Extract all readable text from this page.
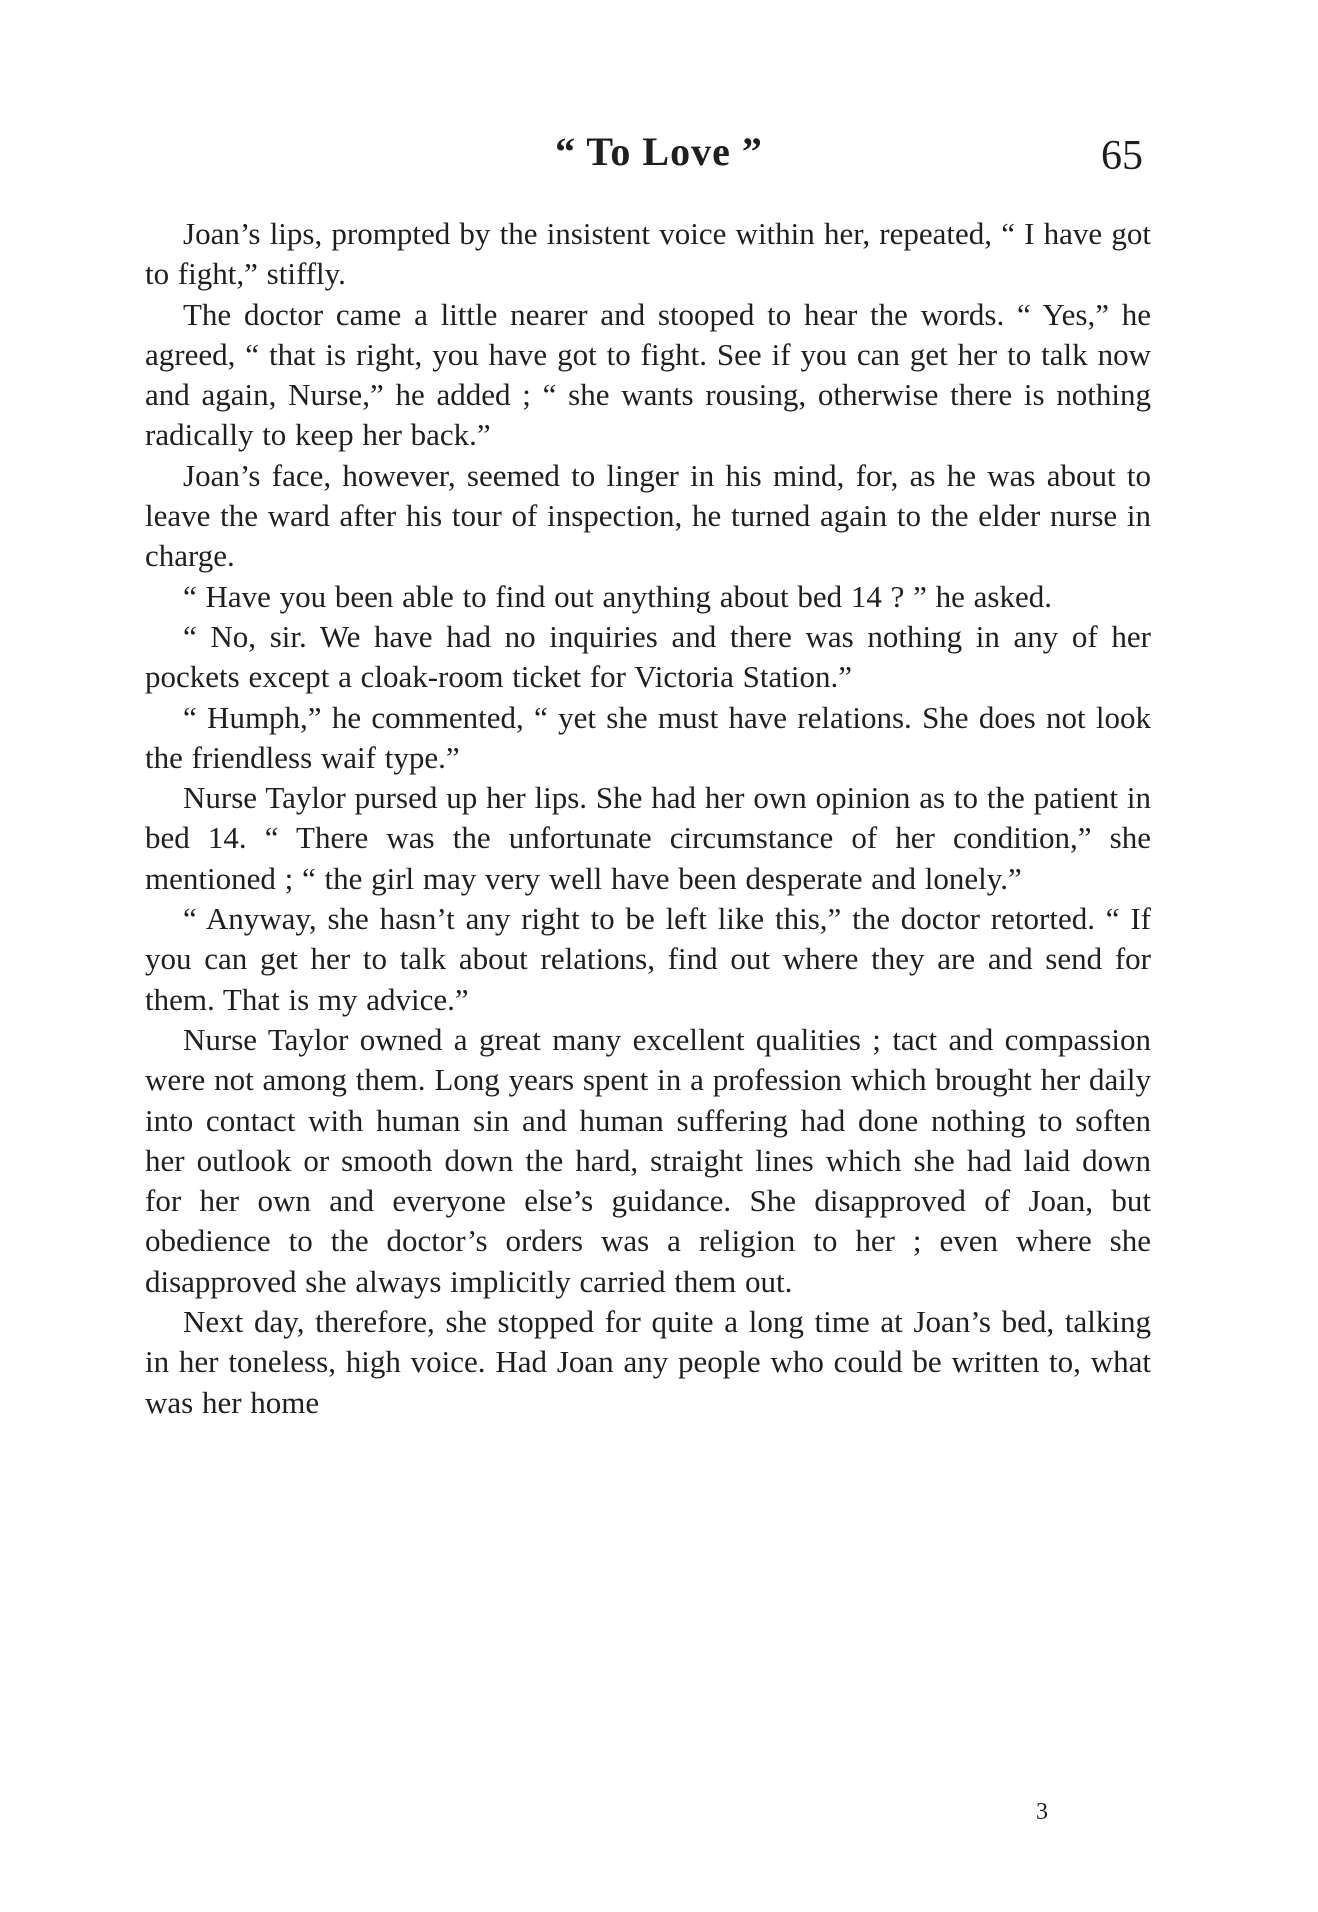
“ To Love ”	65

Joan’s lips, prompted by the insistent voice within her, repeated, “ I have got to fight,” stiffly.

The doctor came a little nearer and stooped to hear the words. “ Yes,” he agreed, “ that is right, you have got to fight. See if you can get her to talk now and again, Nurse,” he added ; “ she wants rousing, otherwise there is nothing radically to keep her back.”

Joan’s face, however, seemed to linger in his mind, for, as he was about to leave the ward after his tour of inspection, he turned again to the elder nurse in charge.

“ Have you been able to find out anything about bed 14 ? ” he asked.

“ No, sir. We have had no inquiries and there was nothing in any of her pockets except a cloak-room ticket for Victoria Station.”

“ Humph,” he commented, “ yet she must have relations. She does not look the friendless waif type.”

Nurse Taylor pursed up her lips. She had her own opinion as to the patient in bed 14. “ There was the unfortunate circumstance of her condition,” she mentioned ; “ the girl may very well have been desperate and lonely.”

“ Anyway, she hasn’t any right to be left like this,” the doctor retorted. “ If you can get her to talk about relations, find out where they are and send for them. That is my advice.”

Nurse Taylor owned a great many excellent qualities ; tact and compassion were not among them. Long years spent in a profession which brought her daily into contact with human sin and human suffering had done nothing to soften her outlook or smooth down the hard, straight lines which she had laid down for her own and everyone else’s guidance. She disapproved of Joan, but obedience to the doctor’s orders was a religion to her ; even where she disapproved she always implicitly carried them out.

Next day, therefore, she stopped for quite a long time at Joan’s bed, talking in her toneless, high voice. Had Joan any people who could be written to, what was her home

3
